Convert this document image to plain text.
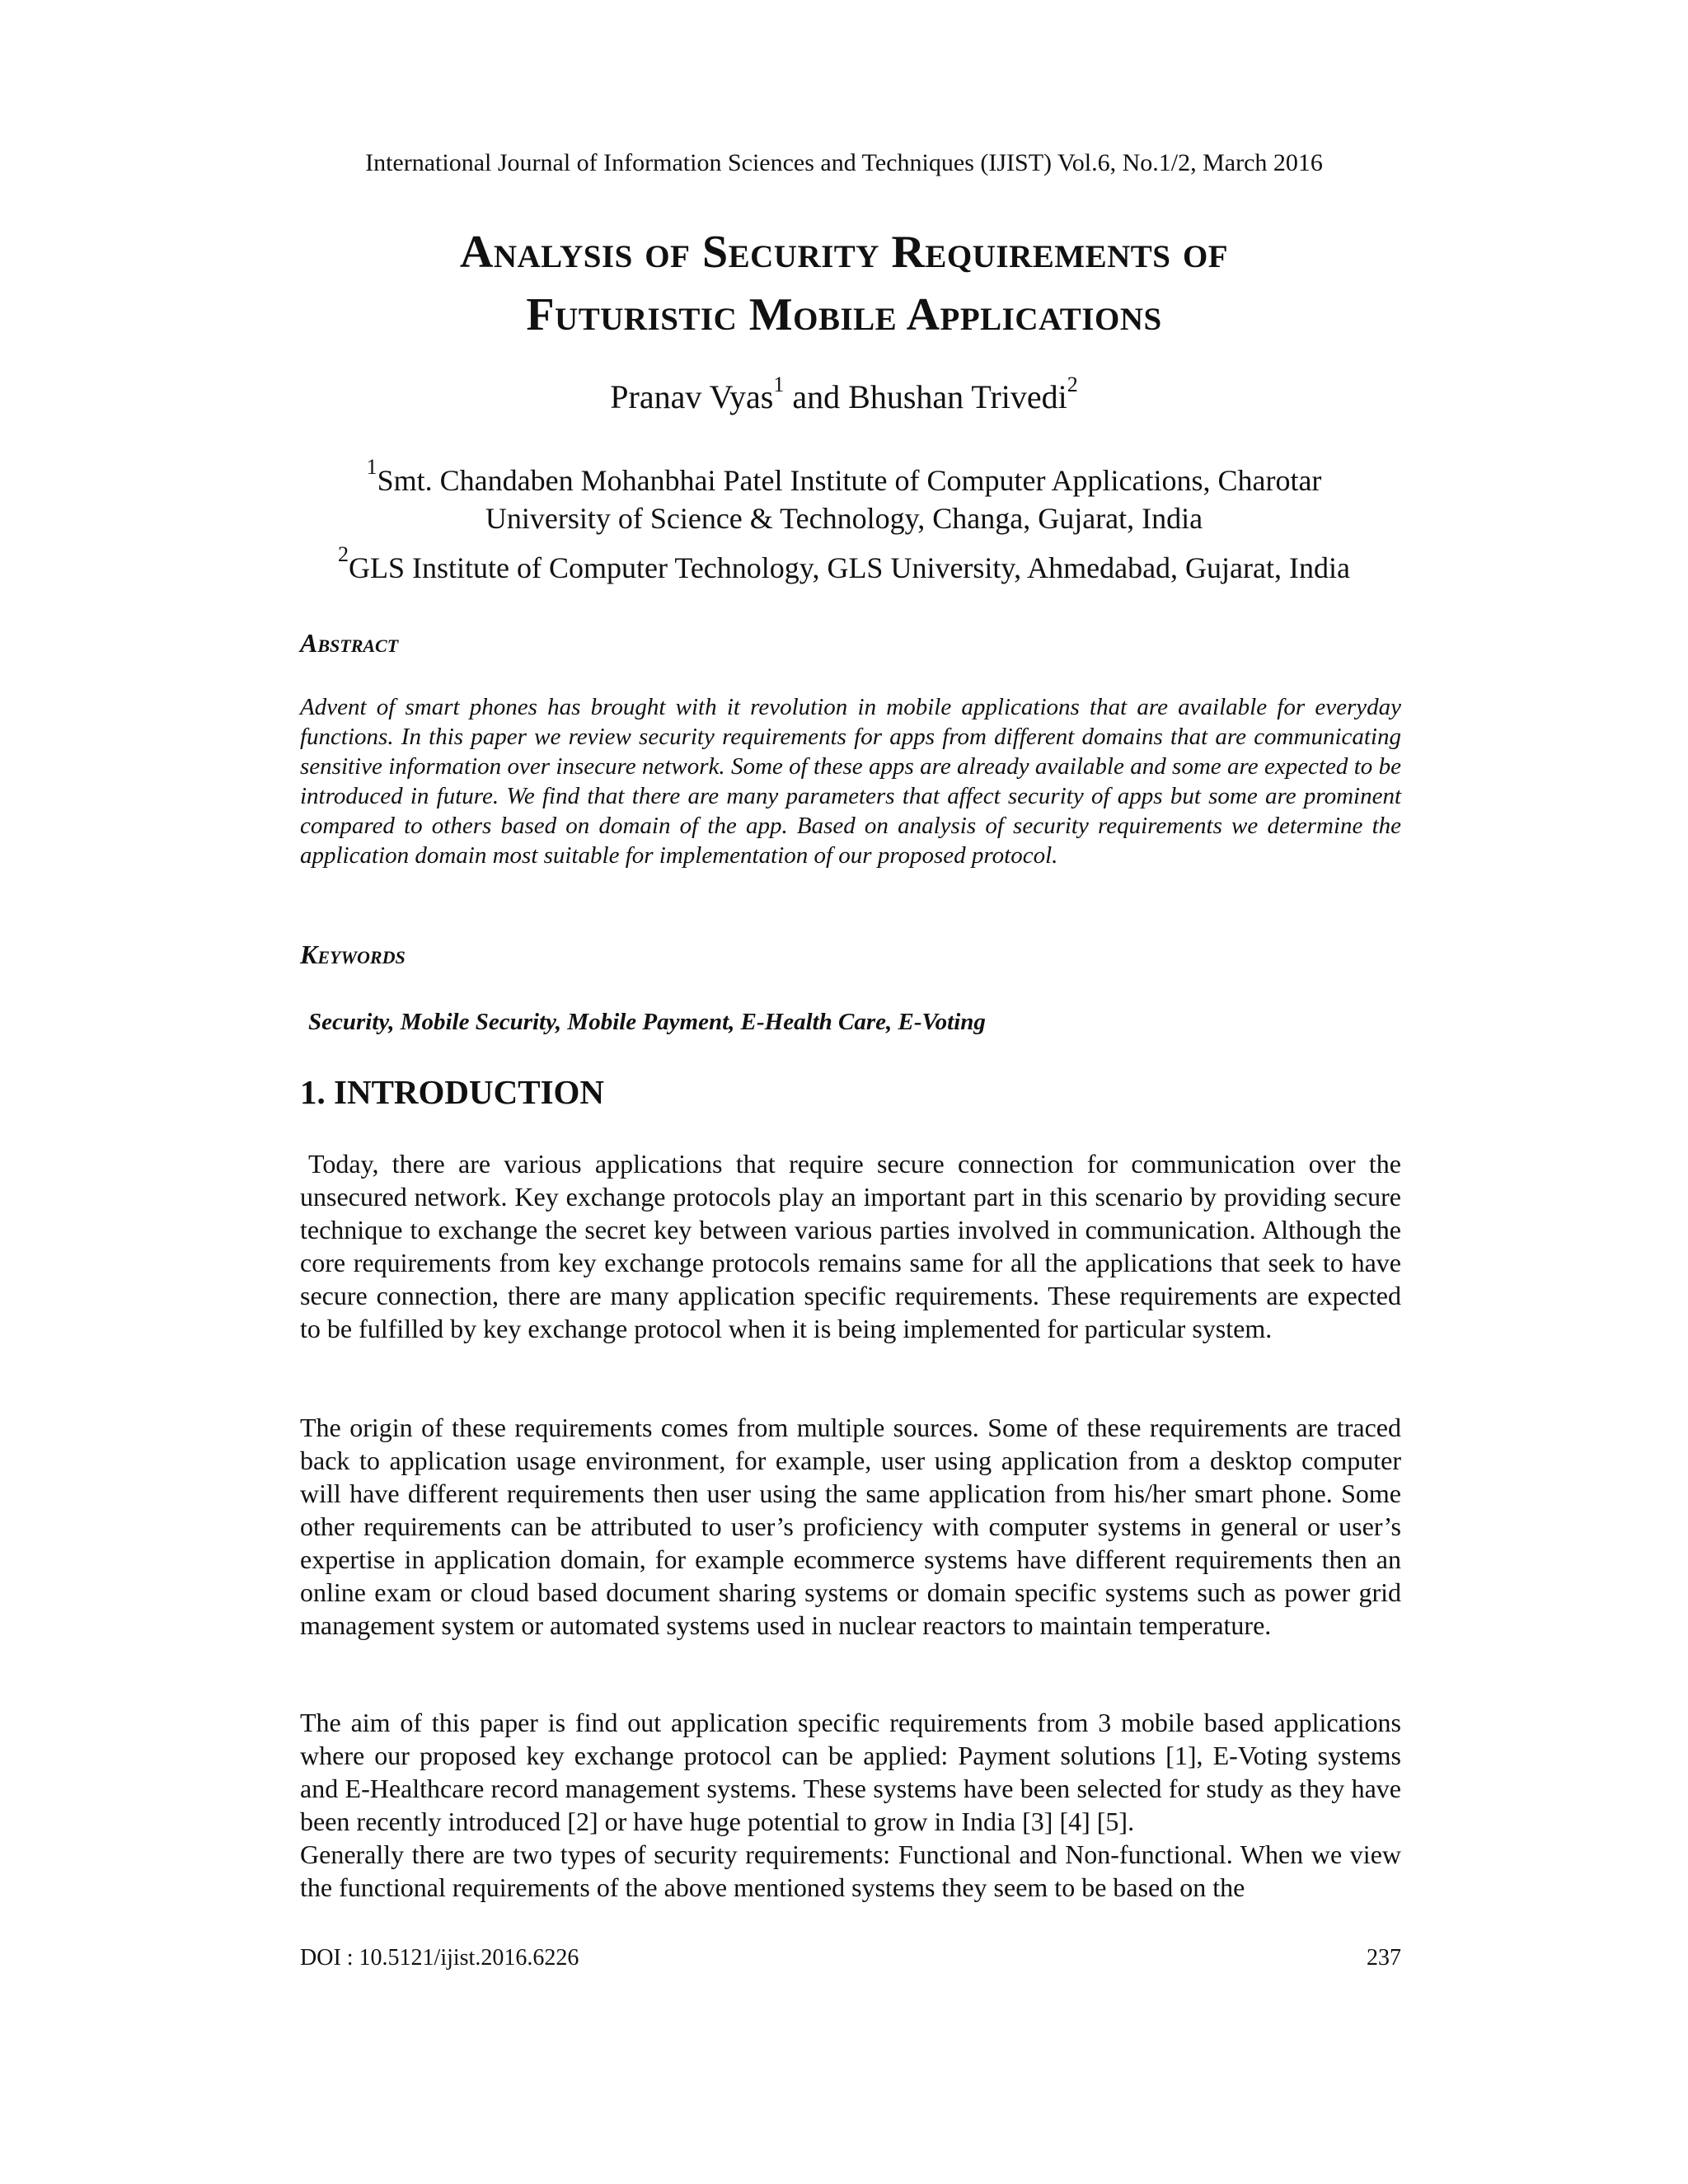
International Journal of Information Sciences and Techniques (IJIST) Vol.6, No.1/2, March 2016
Analysis of Security Requirements of
Futuristic Mobile Applications
Pranav Vyas$^1$ and Bhushan Trivedi$^2$
$^1$Smt. Chandaben Mohanbhai Patel Institute of Computer Applications, Charotar
University of Science & Technology, Changa, Gujarat, India
$^2$GLS Institute of Computer Technology, GLS University, Ahmedabad, Gujarat, India
Abstract
Advent of smart phones has brought with it revolution in mobile applications that are available for everyday functions. In this paper we review security requirements for apps from different domains that are communicating sensitive information over insecure network. Some of these apps are already available and some are expected to be introduced in future. We find that there are many parameters that affect security of apps but some are prominent compared to others based on domain of the app. Based on analysis of security requirements we determine the application domain most suitable for implementation of our proposed protocol.
Keywords
Security, Mobile Security, Mobile Payment, E-Health Care, E-Voting
1. INTRODUCTION

Today, there are various applications that require secure connection for communication over the unsecured network. Key exchange protocols play an important part in this scenario by providing secure technique to exchange the secret key between various parties involved in communication. Although the core requirements from key exchange protocols remains same for all the applications that seek to have secure connection, there are many application specific requirements. These requirements are expected to be fulfilled by key exchange protocol when it is being implemented for particular system.

The origin of these requirements comes from multiple sources. Some of these requirements are traced back to application usage environment, for example, user using application from a desktop computer will have different requirements then user using the same application from his/her smart phone. Some other requirements can be attributed to user’s proficiency with computer systems in general or user’s expertise in application domain, for example ecommerce systems have different requirements then an online exam or cloud based document sharing systems or domain specific systems such as power grid management system or automated systems used in nuclear reactors to maintain temperature.

The aim of this paper is find out application specific requirements from 3 mobile based applications where our proposed key exchange protocol can be applied: Payment solutions [1], E-Voting systems and E-Healthcare record management systems. These systems have been selected for study as they have been recently introduced [2] or have huge potential to grow in India [3] [4] [5].

Generally there are two types of security requirements: Functional and Non-functional. When we view the functional requirements of the above mentioned systems they seem to be based on the

DOI : 10.5121/ijist.2016.6226	237
